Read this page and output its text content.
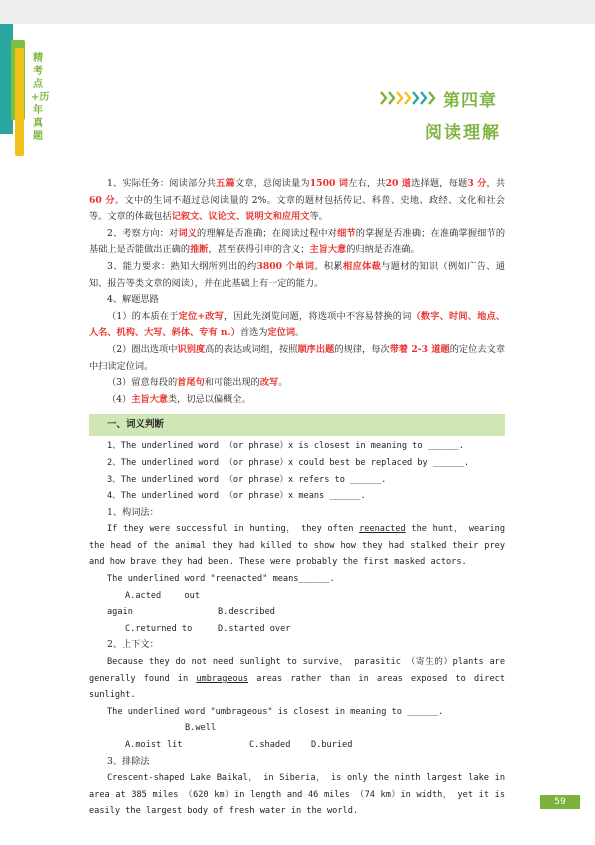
精考点+历年真题
第四章
阅读理解

1、实际任务：阅读部分共五篇文章，总阅读量为1500 词左右，共20 道选择题，每题3 分，共60 分。文中的生词不超过总阅读量的 2%。文章的题材包括传记、科普、史地、政经、文化和社会等。文章的体裁包括记叙文、议论文、说明文和应用文等。

2、考察方向：对词义的理解是否准确；在阅读过程中对细节的掌握是否准确；在准确掌握细节的基础上是否能做出正确的推断，甚至获得引申的含义；主旨大意的归纳是否准确。

3、能力要求：熟知大纲所列出的约3800 个单词。积累相应体裁与题材的知识（例如广告、通知、报告等类文章的阅读），并在此基础上有一定的能力。

4、解题思路

（1）的本质在于定位+改写，因此先浏览问题，将选项中不容易替换的词（数字、时间、地点、人名、机构、大写、斜体、专有 n.）首选为定位词。

（2）圈出选项中识别度高的表达或词组，按照顺序出题的规律，每次带着 2-3 道题的定位去文章中扫读定位词。

（3）留意每段的首尾句和可能出现的改写。

（4）主旨大意类，切忌以偏概全。

一、词义判断

1、The underlined word （or phrase）x is closest in meaning to ______.

2、The underlined word （or phrase）x could best be replaced by ______.

3、The underlined word （or phrase）x refers to ______.

4、The underlined word （or phrase）x means ______.

1、构词法：

If they were successful in hunting， they often reenacted the hunt， wearing the head of the animal they had killed to show how they had stalked their prey and how brave they had been. These were probably the first masked actors.

The underlined word "reenacted" means______.

A.acted out again	B.described

C.returned to	D.started over

2、上下文：

Because they do not need sunlight to survive， parasitic （寄生的）plants are generally found in umbrageous areas rather than in areas exposed to direct sunlight.

The underlined word "umbrageous" is closest in meaning to ______.

A.moistB.well lit	C.shaded D.buried

3、排除法

Crescent-shaped Lake Baikal， in Siberia， is only the ninth largest lake in area at 385 miles （620 km）in length and 46 miles （74 km）in width， yet it is easily the largest body of fresh water in the world.

59
